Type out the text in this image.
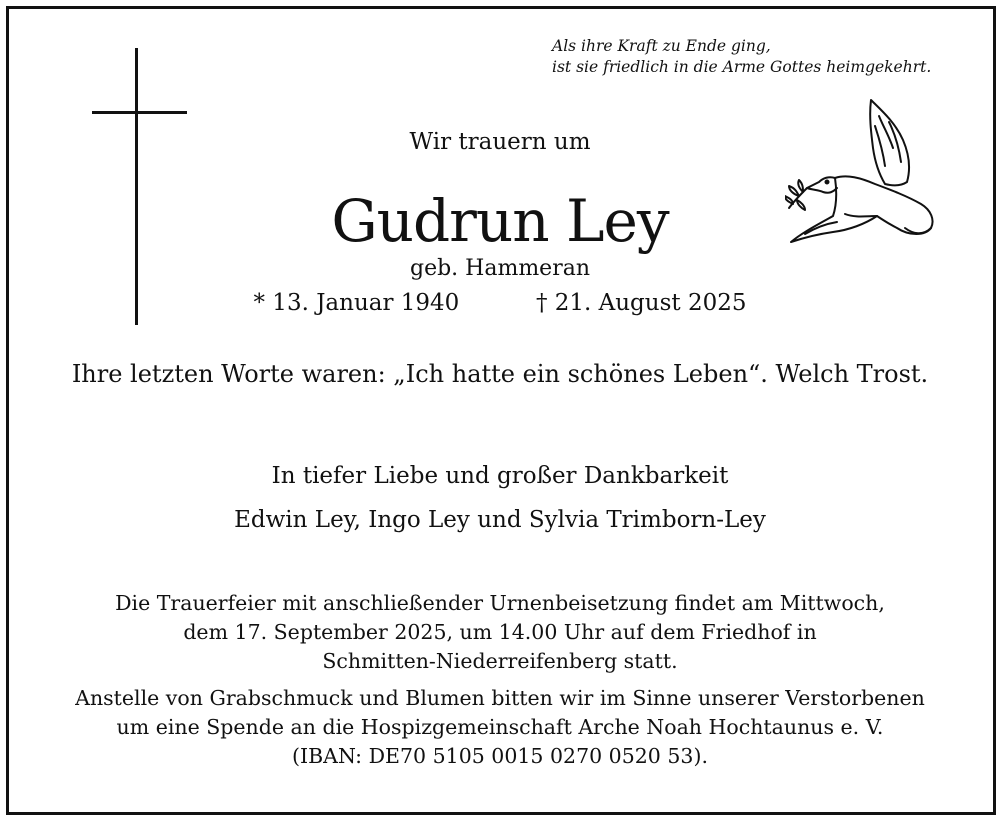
Als ihre Kraft zu Ende ging,
ist sie friedlich in die Arme Gottes heimgekehrt.
Wir trauern um
Gudrun Ley
geb. Hammeran
* 13. Januar 1940	† 21. August 2025
Ihre letzten Worte waren: „Ich hatte ein schönes Leben“. Welch Trost.
In tiefer Liebe und großer Dankbarkeit
Edwin Ley, Ingo Ley und Sylvia Trimborn-Ley
Die Trauerfeier mit anschließender Urnenbeisetzung findet am Mittwoch,
dem 17. September 2025, um 14.00 Uhr auf dem Friedhof in
Schmitten-Niederreifenberg statt.
Anstelle von Grabschmuck und Blumen bitten wir im Sinne unserer Verstorbenen
um eine Spende an die Hospizgemeinschaft Arche Noah Hochtaunus e. V.
(IBAN: DE70 5105 0015 0270 0520 53).
